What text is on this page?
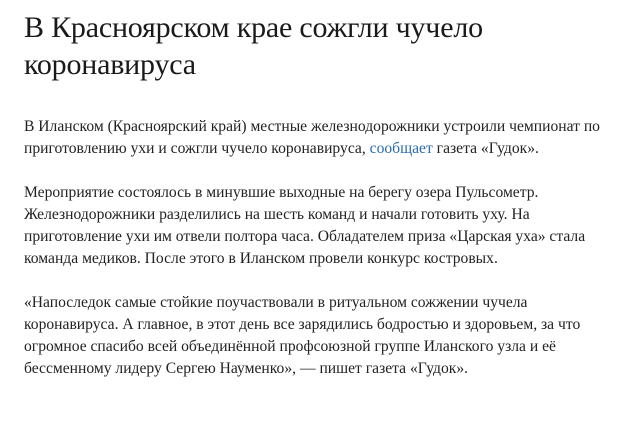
В Красноярском крае сожгли чучело коронавируса

В Иланском (Красноярский край) местные железнодорожники устроили чемпионат по приготовлению ухи и сожгли чучело коронавируса, сообщает газета «Гудок».

Мероприятие состоялось в минувшие выходные на берегу озера Пульсометр. Железнодорожники разделились на шесть команд и начали готовить уху. На приготовление ухи им отвели полтора часа. Обладателем приза «Царская уха» стала команда медиков. После этого в Иланском провели конкурс костровых.

«Напоследок самые стойкие поучаствовали в ритуальном сожжении чучела коронавируса. А главное, в этот день все зарядились бодростью и здоровьем, за что огромное спасибо всей объединённой профсоюзной группе Иланского узла и её бессменному лидеру Сергею Науменко», — пишет газета «Гудок».
